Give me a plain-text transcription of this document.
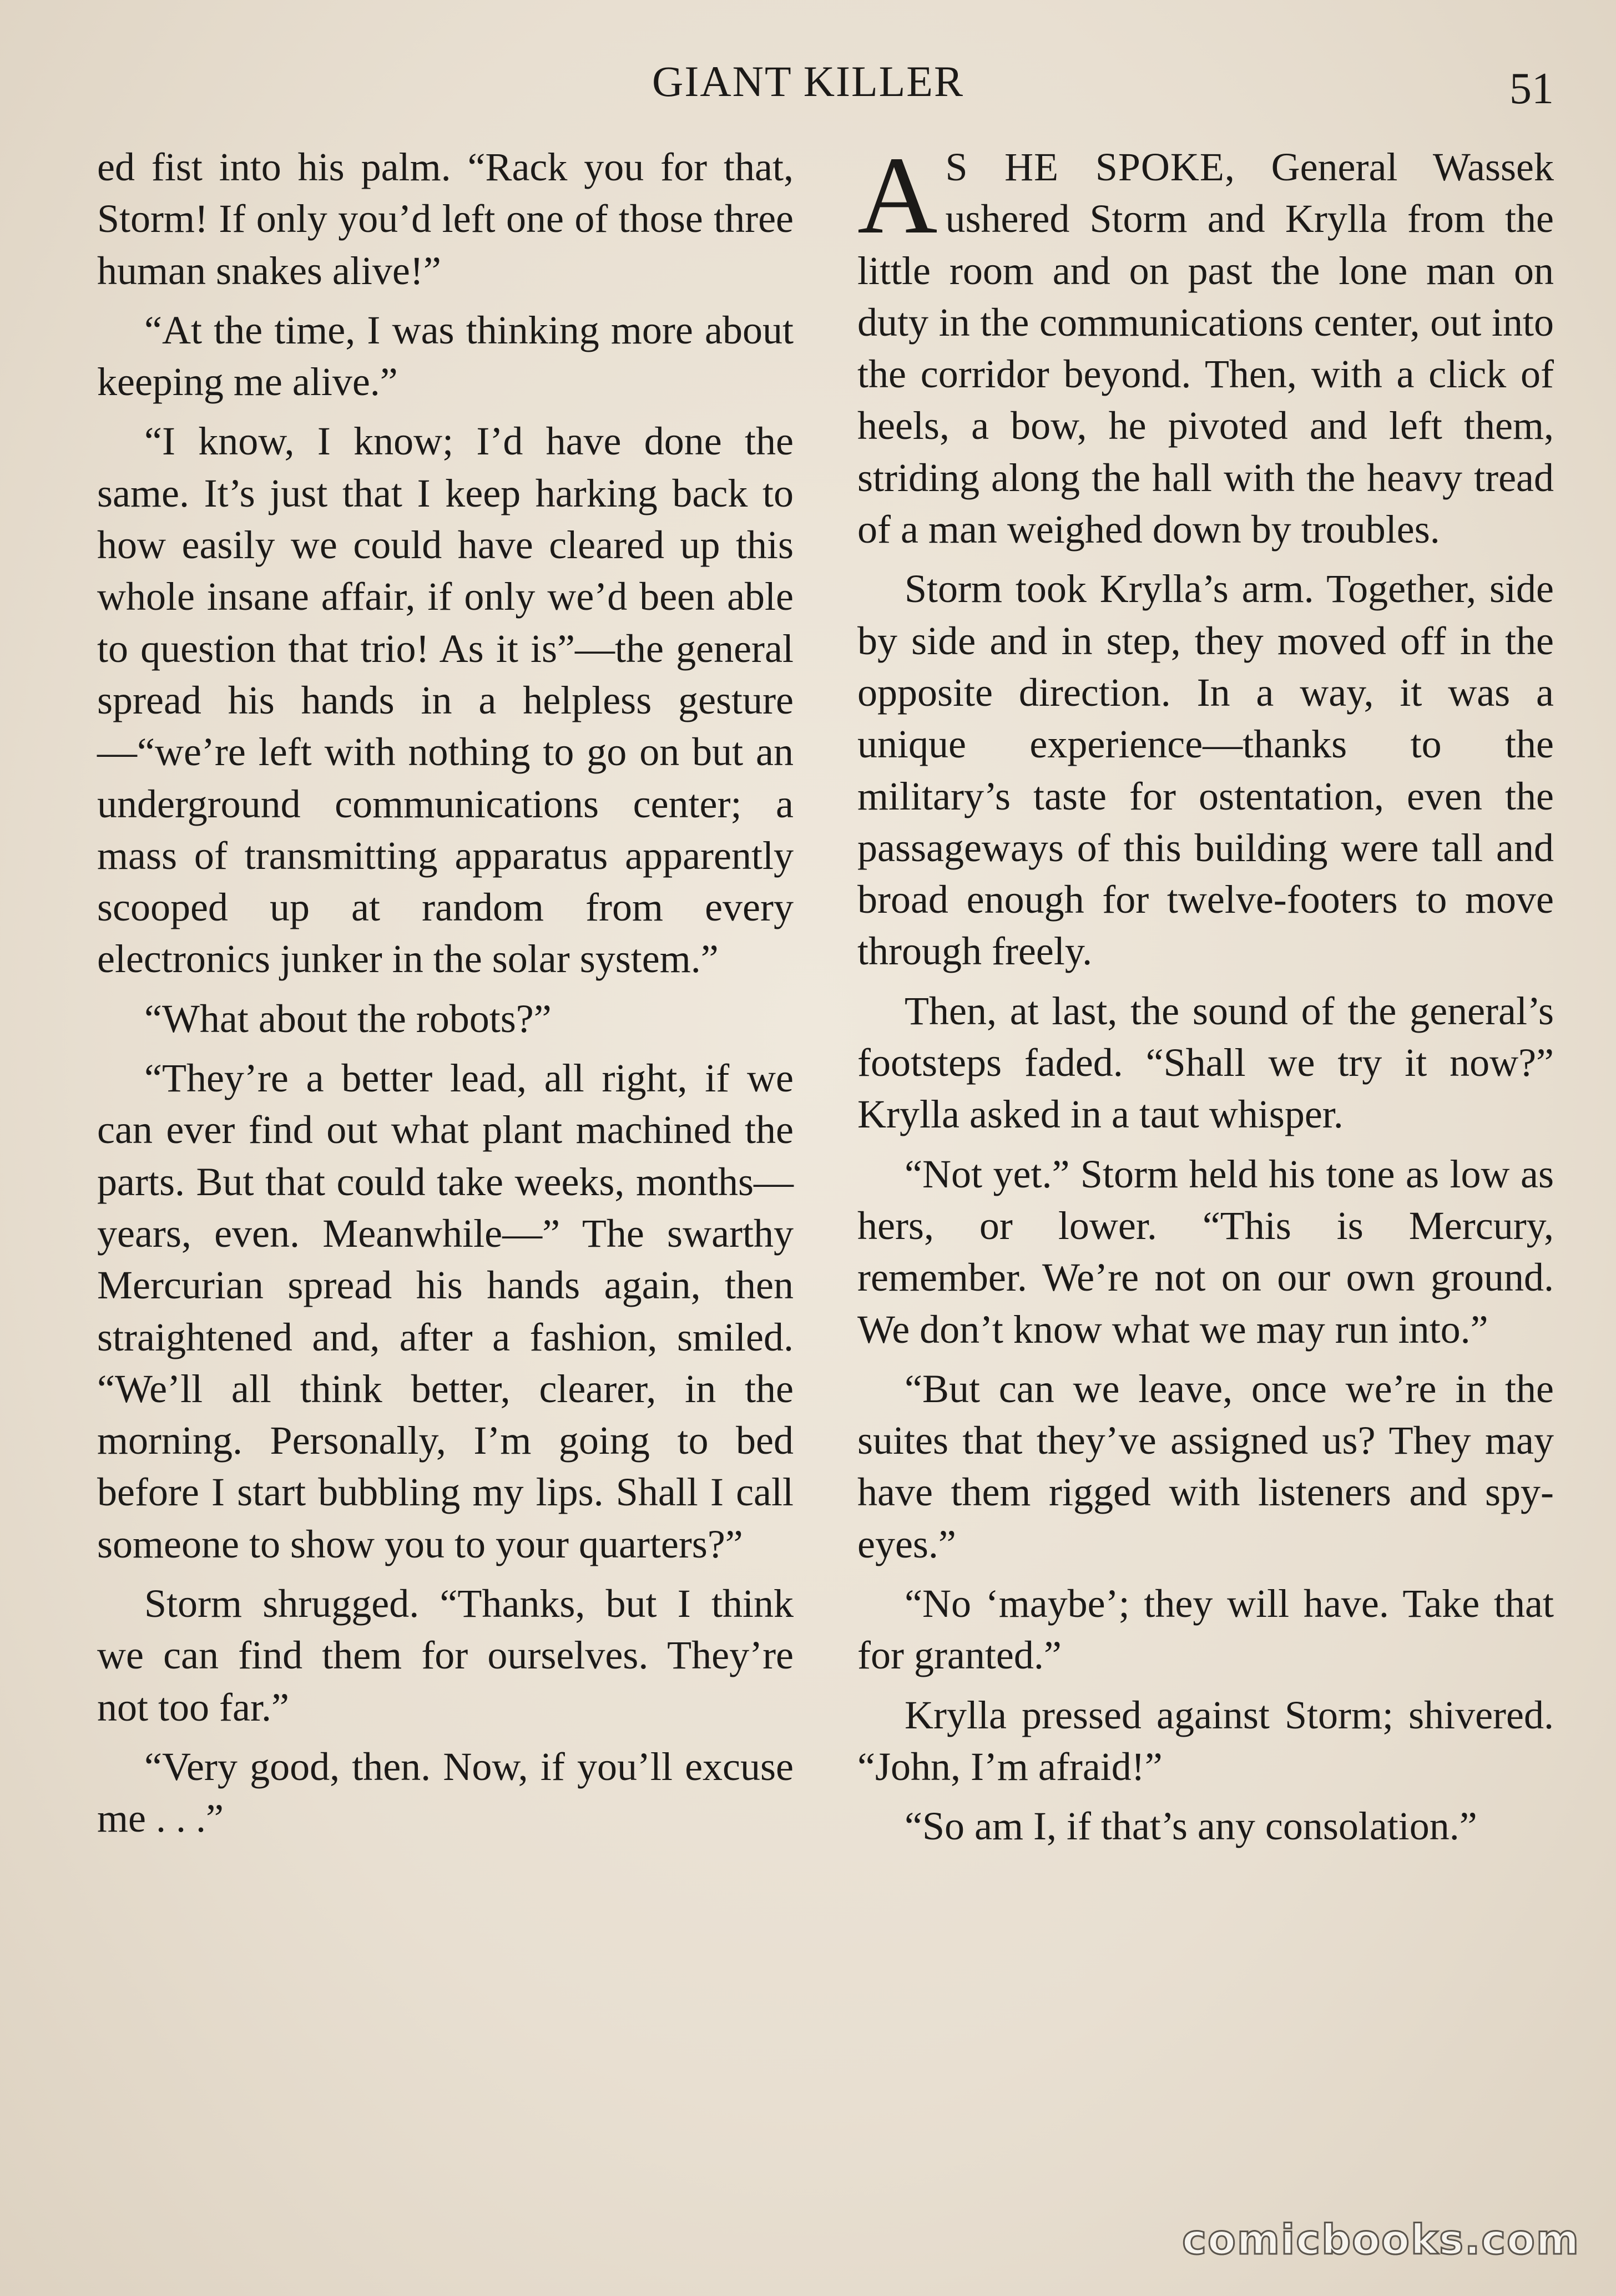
GIANT KILLER	51

ed fist into his palm. “Rack you for that, Storm! If only you’d left one of those three human snakes alive!”

“At the time, I was thinking more about keeping me alive.”

“I know, I know; I’d have done the same. It’s just that I keep harking back to how easily we could have cleared up this whole insane affair, if only we’d been able to question that trio! As it is”—the general spread his hands in a helpless gesture—“we’re left with nothing to go on but an underground communications center; a mass of transmitting apparatus apparently scooped up at random from every electronics junker in the solar system.”

“What about the robots?”

“They’re a better lead, all right, if we can ever find out what plant machined the parts. But that could take weeks, months—years, even. Meanwhile—” The swarthy Mercurian spread his hands again, then straightened and, after a fashion, smiled. “We’ll all think better, clearer, in the morning. Personally, I’m going to bed before I start bubbling my lips. Shall I call someone to show you to your quarters?”

Storm shrugged. “Thanks, but I think we can find them for ourselves. They’re not too far.”

“Very good, then. Now, if you’ll excuse me . . .”

A S HE SPOKE, General Wassek ushered Storm and Krylla from the little room and on past the lone man on duty in the communications center, out into the corridor beyond. Then, with a click of heels, a bow, he pivoted and left them, striding along the hall with the heavy tread of a man weighed down by troubles.

Storm took Krylla’s arm. Together, side by side and in step, they moved off in the opposite direction. In a way, it was a unique experience—thanks to the military’s taste for ostentation, even the passageways of this building were tall and broad enough for twelve-footers to move through freely.

Then, at last, the sound of the general’s footsteps faded. “Shall we try it now?” Krylla asked in a taut whisper.

“Not yet.” Storm held his tone as low as hers, or lower. “This is Mercury, remember. We’re not on our own ground. We don’t know what we may run into.”

“But can we leave, once we’re in the suites that they’ve assigned us? They may have them rigged with listeners and spy-eyes.”

“No ‘maybe’; they will have. Take that for granted.”

Krylla pressed against Storm; shivered. “John, I’m afraid!”

“So am I, if that’s any consolation.”

comicbooks.com
